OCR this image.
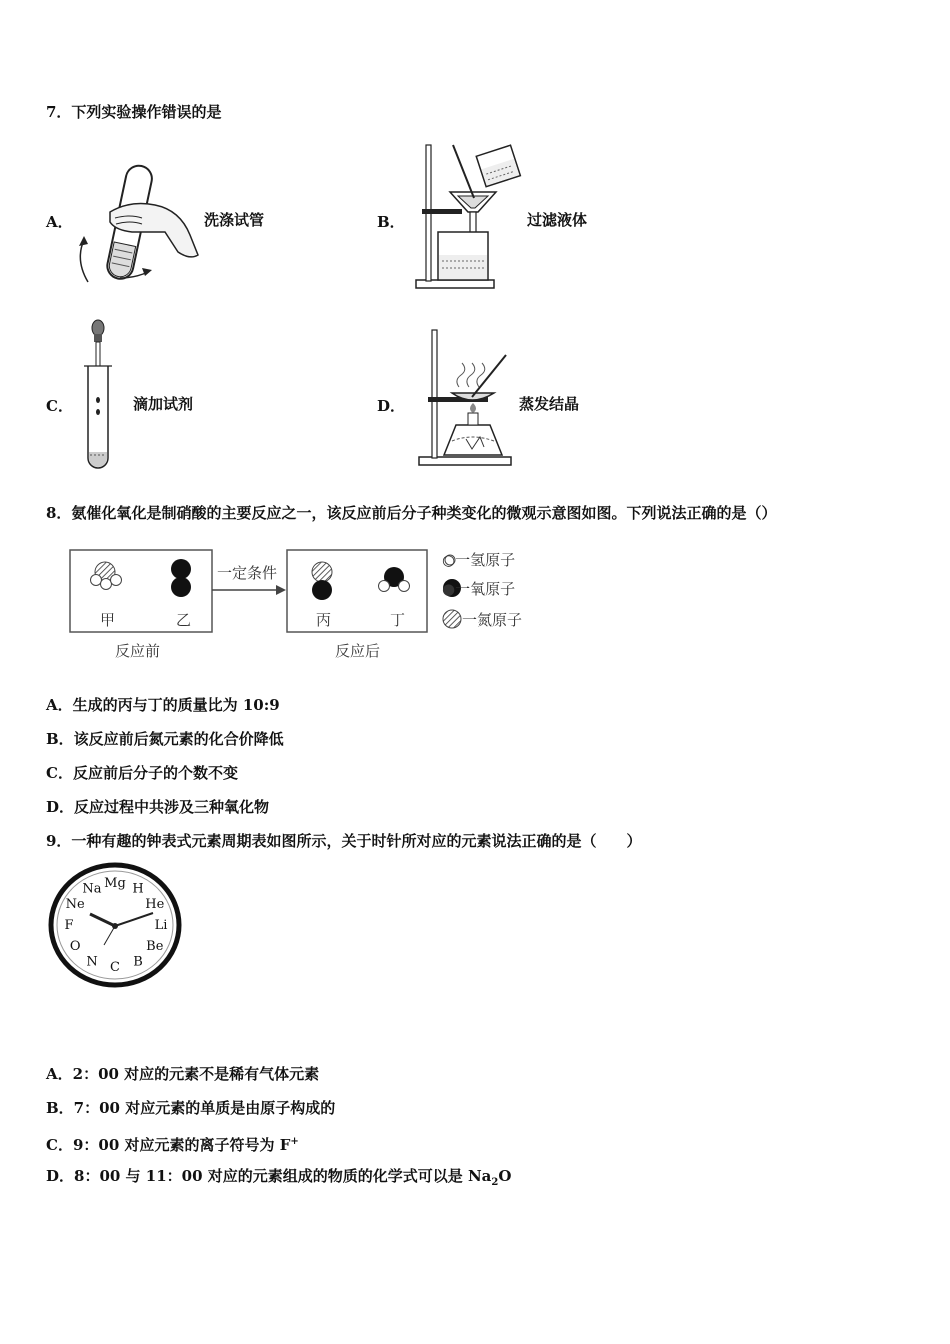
7．下列实验操作错误的是
A．	洗涤试管	B．	过滤液体
C．	滴加试剂	D．	蒸发结晶
8．氨催化氧化是制硝酸的主要反应之一，该反应前后分子种类变化的微观示意图如图。下列说法正确的是（）
甲	乙
一定条件
丙	丁
反应前	反应后
○一氢原子
●一氧原子
一氮原子
A．生成的丙与丁的质量比为 10:9
B．该反应前后氮元素的化合价降低
C．反应前后分子的个数不变
D．反应过程中共涉及三种氧化物
9．一种有趣的钟表式元素周期表如图所示，关于时针所对应的元素说法正确的是（　　）
H
He
Li
Be
B
C
N
O
F
Ne
Na Mg
A．2：00 对应的元素不是稀有气体元素
B．7：00 对应元素的单质是由原子构成的
C．9：00 对应元素的离子符号为 F+
D．8：00 与 11：00 对应的元素组成的物质的化学式可以是 $Na_2O$
